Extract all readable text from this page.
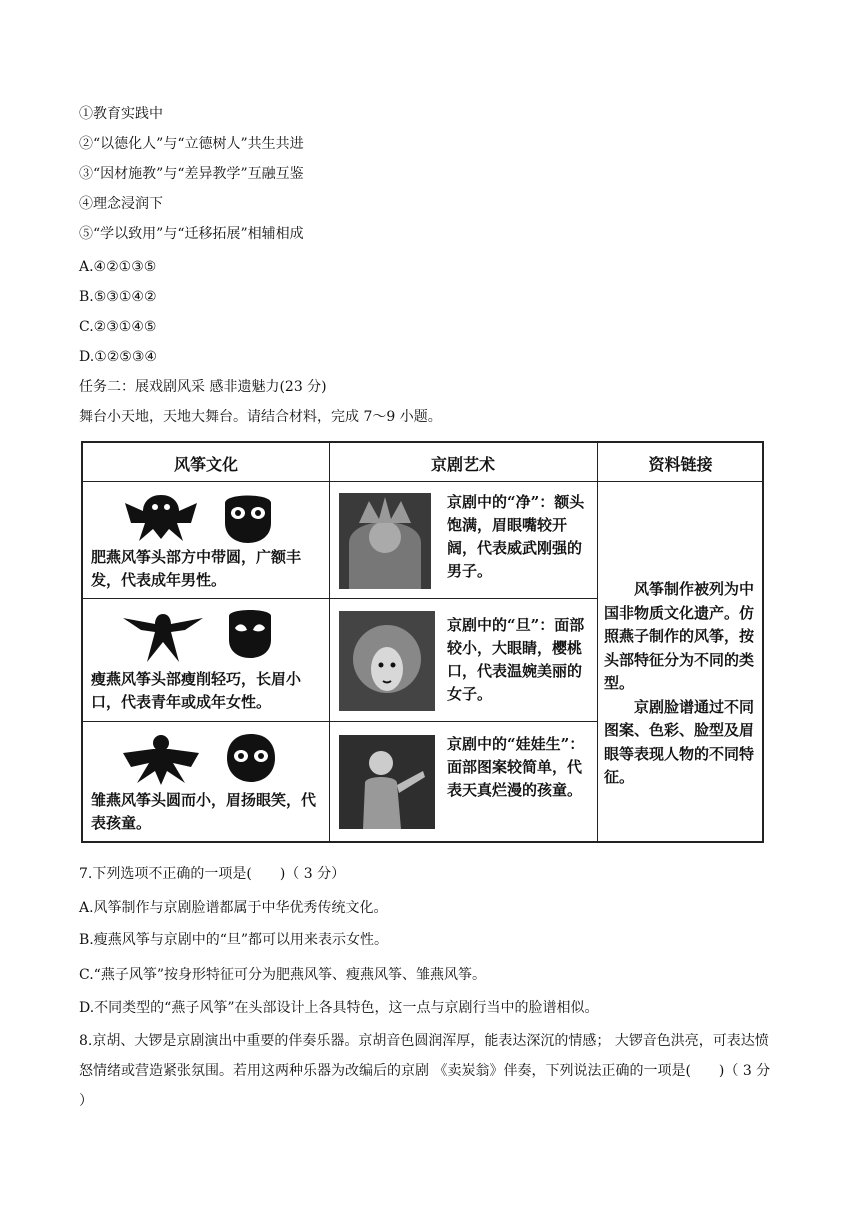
①教育实践中
②“以德化人”与“立德树人”共生共进
③“因材施教”与“差异教学”互融互鉴
④理念浸润下
⑤“学以致用”与“迁移拓展”相辅相成
A.④②①③⑤
B.⑤③①④②
C.②③①④⑤
D.①②⑤③④
任务二：展戏剧风采 感非遗魅力(23 分)
舞台小天地，天地大舞台。请结合材料，完成 7～9 小题。
风筝文化	京剧艺术	资料链接
肥燕风筝头部方中带圆，广额丰发，代表成年男性。
瘦燕风筝头部瘦削轻巧，长眉小口，代表青年或成年女性。
雏燕风筝头圆而小，眉扬眼笑，代表孩童。
京剧中的“净”：额头饱满，眉眼嘴较开阔，代表威武刚强的男子。
京剧中的“旦”：面部较小，大眼睛，樱桃口，代表温婉美丽的女子。
京剧中的“娃娃生”：面部图案较简单，代表天真烂漫的孩童。

风筝制作被列为中国非物质文化遗产。仿照燕子制作的风筝，按头部特征分为不同的类型。

京剧脸谱通过不同图案、色彩、脸型及眉眼等表现人物的不同特征。

7.下列选项不正确的一项是(　　)（ 3 分）
A.风筝制作与京剧脸谱都属于中华优秀传统文化。
B.瘦燕风筝与京剧中的“旦”都可以用来表示女性。
C.“燕子风筝”按身形特征可分为肥燕风筝、瘦燕风筝、雏燕风筝。
D.不同类型的“燕子风筝”在头部设计上各具特色，这一点与京剧行当中的脸谱相似。
8.京胡、大锣是京剧演出中重要的伴奏乐器。京胡音色圆润浑厚，能表达深沉的情感； 大锣音色洪亮，可表达愤怒情绪或营造紧张氛围。若用这两种乐器为改编后的京剧 《卖炭翁》伴奏，下列说法正确的一项是(　　)（ 3 分 ）
